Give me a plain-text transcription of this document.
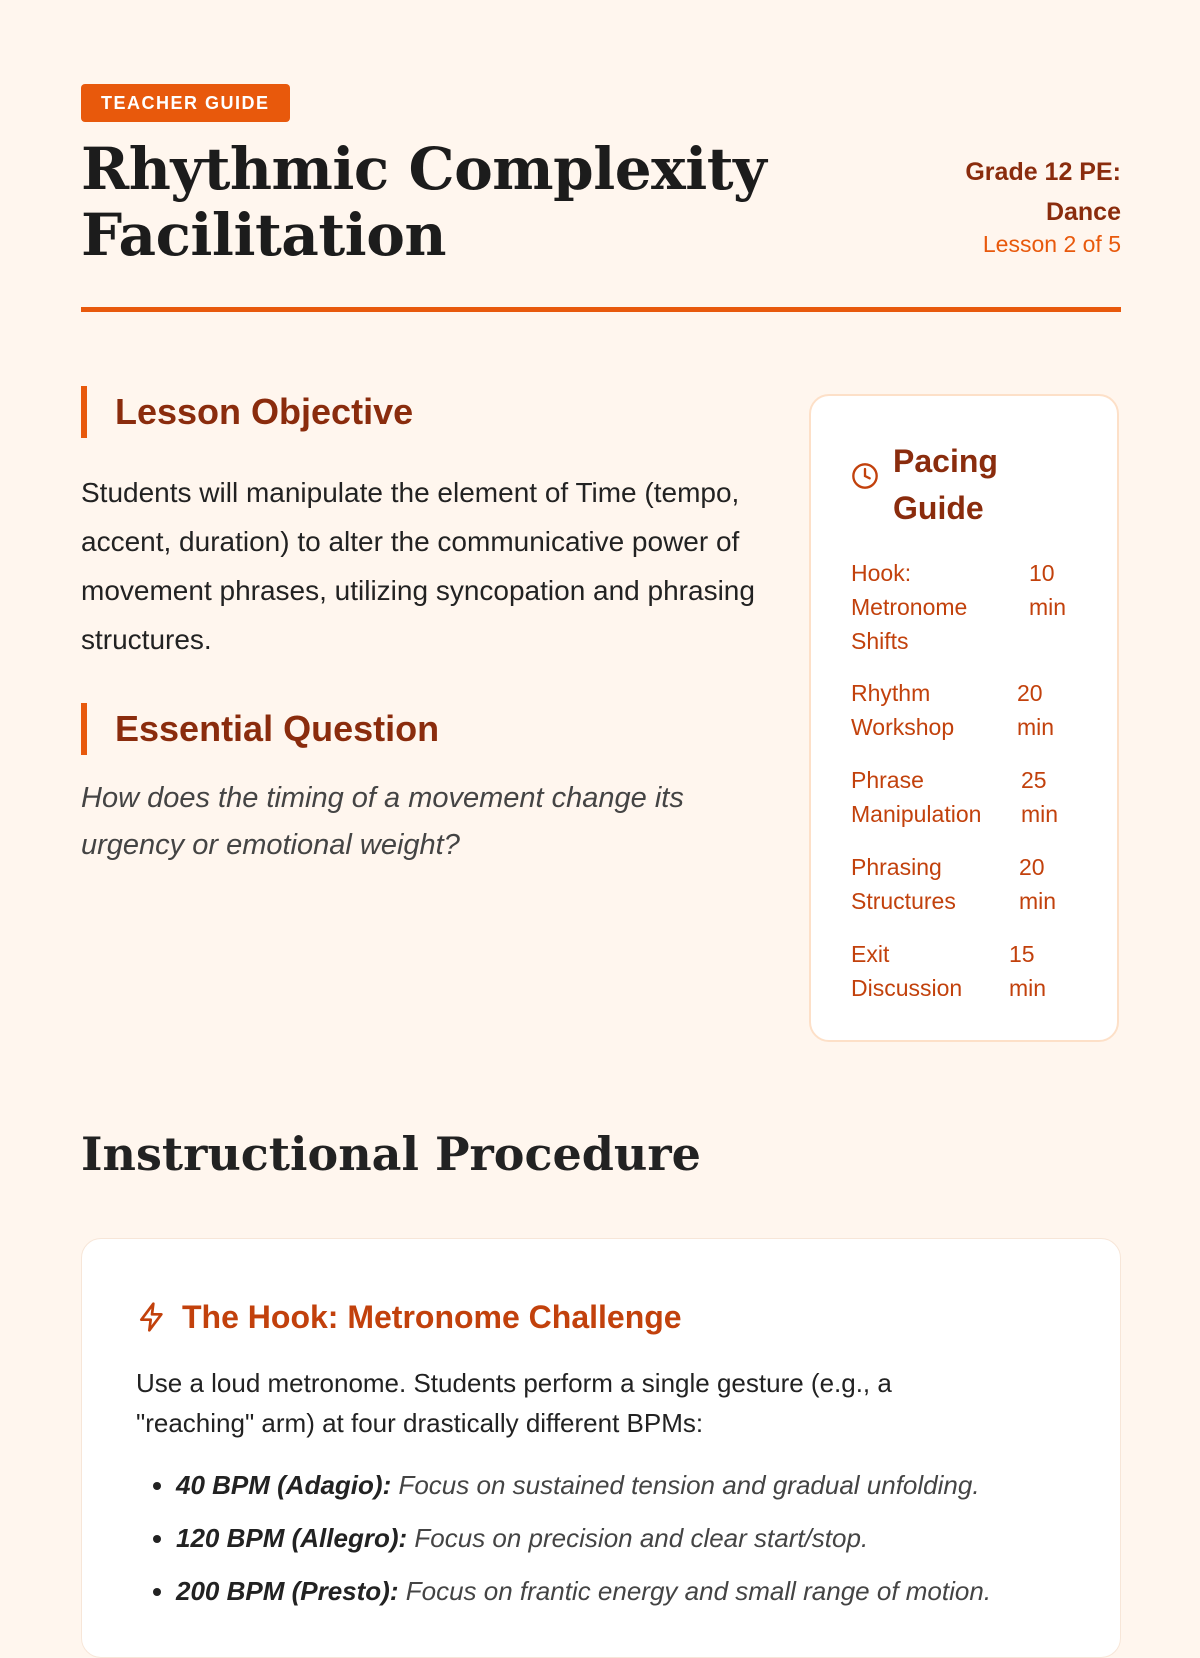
TEACHER GUIDE
Rhythmic Complexity Facilitation
Grade 12 PE: Dance
Lesson 2 of 5
Lesson Objective
Students will manipulate the element of Time (tempo, accent, duration) to alter the communicative power of movement phrases, utilizing syncopation and phrasing structures.
Essential Question
How does the timing of a movement change its urgency or emotional weight?
Pacing Guide
Hook: Metronome Shifts
10 min
Rhythm Workshop
20 min
Phrase Manipulation
25 min
Phrasing Structures
20 min
Exit Discussion
15 min
Instructional Procedure
The Hook: Metronome Challenge
Use a loud metronome. Students perform a single gesture (e.g., a "reaching" arm) at four drastically different BPMs:
• 40 BPM (Adagio): Focus on sustained tension and gradual unfolding.
• 120 BPM (Allegro): Focus on precision and clear start/stop.
• 200 BPM (Presto): Focus on frantic energy and small range of motion.
